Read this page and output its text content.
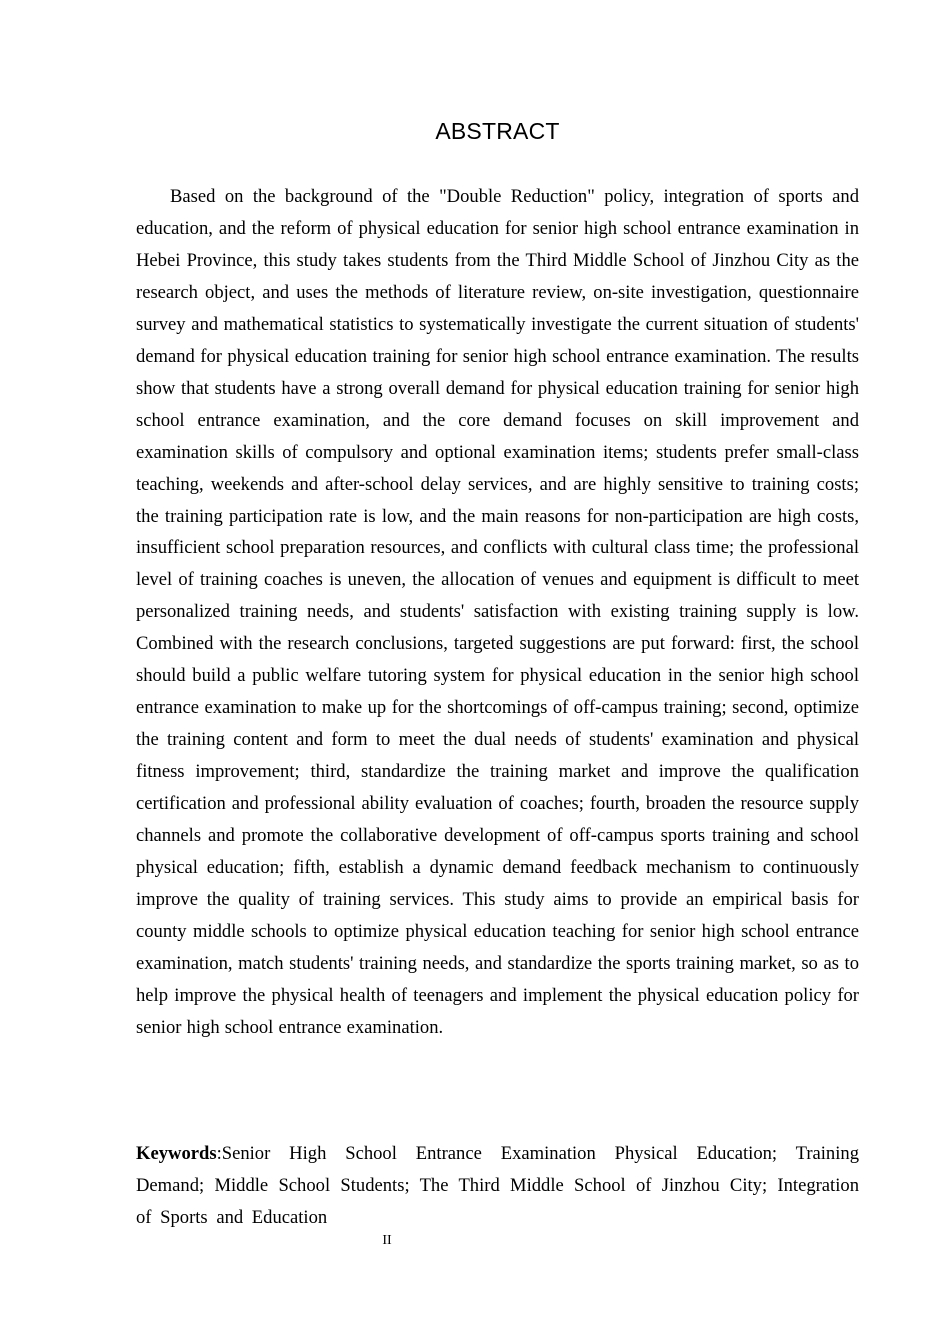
ABSTRACT

Based on the background of the "Double Reduction" policy, integration of sports and education, and the reform of physical education for senior high school entrance examination in Hebei Province, this study takes students from the Third Middle School of Jinzhou City as the research object, and uses the methods of literature review, on-site investigation, questionnaire survey and mathematical statistics to systematically investigate the current situation of students' demand for physical education training for senior high school entrance examination. The results show that students have a strong overall demand for physical education training for senior high school entrance examination, and the core demand focuses on skill improvement and examination skills of compulsory and optional examination items; students prefer small-class teaching, weekends and after-school delay services, and are highly sensitive to training costs; the training participation rate is low, and the main reasons for non-participation are high costs, insufficient school preparation resources, and conflicts with cultural class time; the professional level of training coaches is uneven, the allocation of venues and equipment is difficult to meet personalized training needs, and students' satisfaction with existing training supply is low. Combined with the research conclusions, targeted suggestions are put forward: first, the school should build a public welfare tutoring system for physical education in the senior high school entrance examination to make up for the shortcomings of off-campus training; second, optimize the training content and form to meet the dual needs of students' examination and physical fitness improvement; third, standardize the training market and improve the qualification certification and professional ability evaluation of coaches; fourth, broaden the resource supply channels and promote the collaborative development of off-campus sports training and school physical education; fifth, establish a dynamic demand feedback mechanism to continuously improve the quality of training services. This study aims to provide an empirical basis for county middle schools to optimize physical education teaching for senior high school entrance examination, match students' training needs, and standardize the sports training market, so as to help improve the physical health of teenagers and implement the physical education policy for senior high school entrance examination.

Keywords:Senior High School Entrance Examination Physical Education; Training Demand; Middle School Students; The Third Middle School of Jinzhou City; Integration of Sports and Education

II
